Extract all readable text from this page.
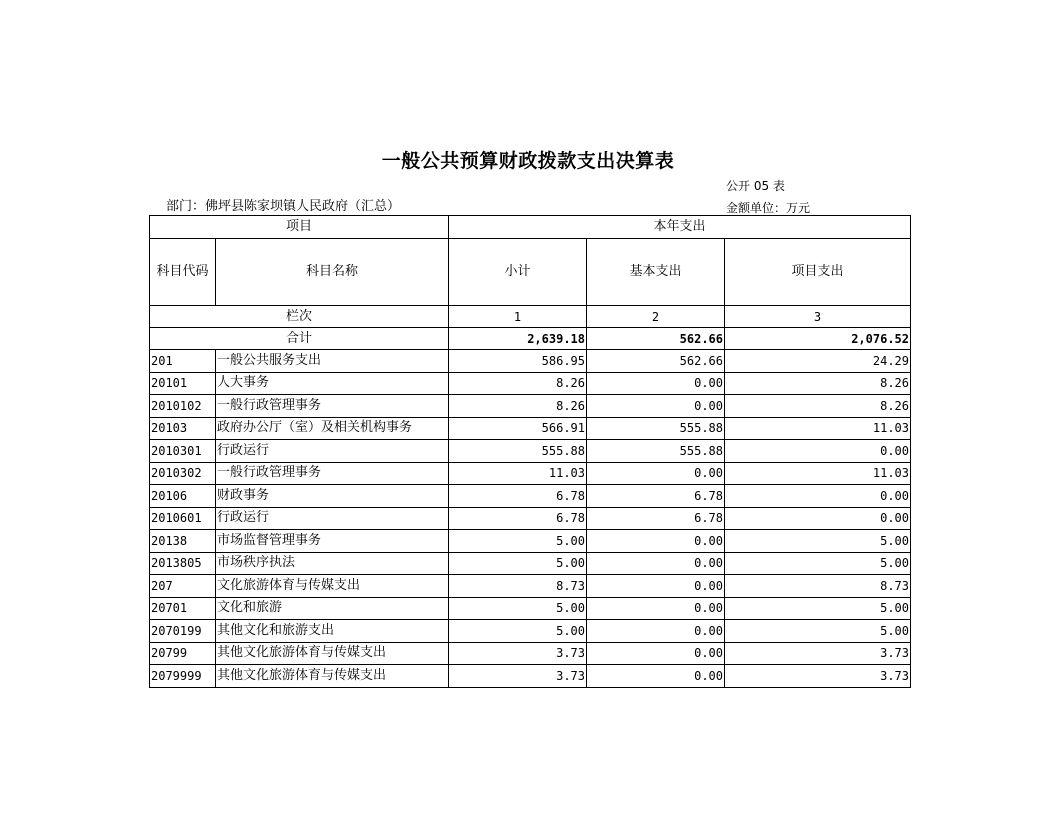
一般公共预算财政拨款支出决算表
公开 05 表
部门：佛坪县陈家坝镇人民政府（汇总）	金额单位：万元
项目		本年支出		
科目代码	科目名称	小计	基本支出	项目支出
栏次		1	2	3
合计		2,639.18	562.66	2,076.52
201	一般公共服务支出	586.95	562.66	24.29
20101	人大事务	8.26	0.00	8.26
2010102	一般行政管理事务	8.26	0.00	8.26
20103	政府办公厅（室）及相关机构事务	566.91	555.88	11.03
2010301	行政运行	555.88	555.88	0.00
2010302	一般行政管理事务	11.03	0.00	11.03
20106	财政事务	6.78	6.78	0.00
2010601	行政运行	6.78	6.78	0.00
20138	市场监督管理事务	5.00	0.00	5.00
2013805	市场秩序执法	5.00	0.00	5.00
207	文化旅游体育与传媒支出	8.73	0.00	8.73
20701	文化和旅游	5.00	0.00	5.00
2070199	其他文化和旅游支出	5.00	0.00	5.00
20799	其他文化旅游体育与传媒支出	3.73	0.00	3.73
2079999	其他文化旅游体育与传媒支出	3.73	0.00	3.73
